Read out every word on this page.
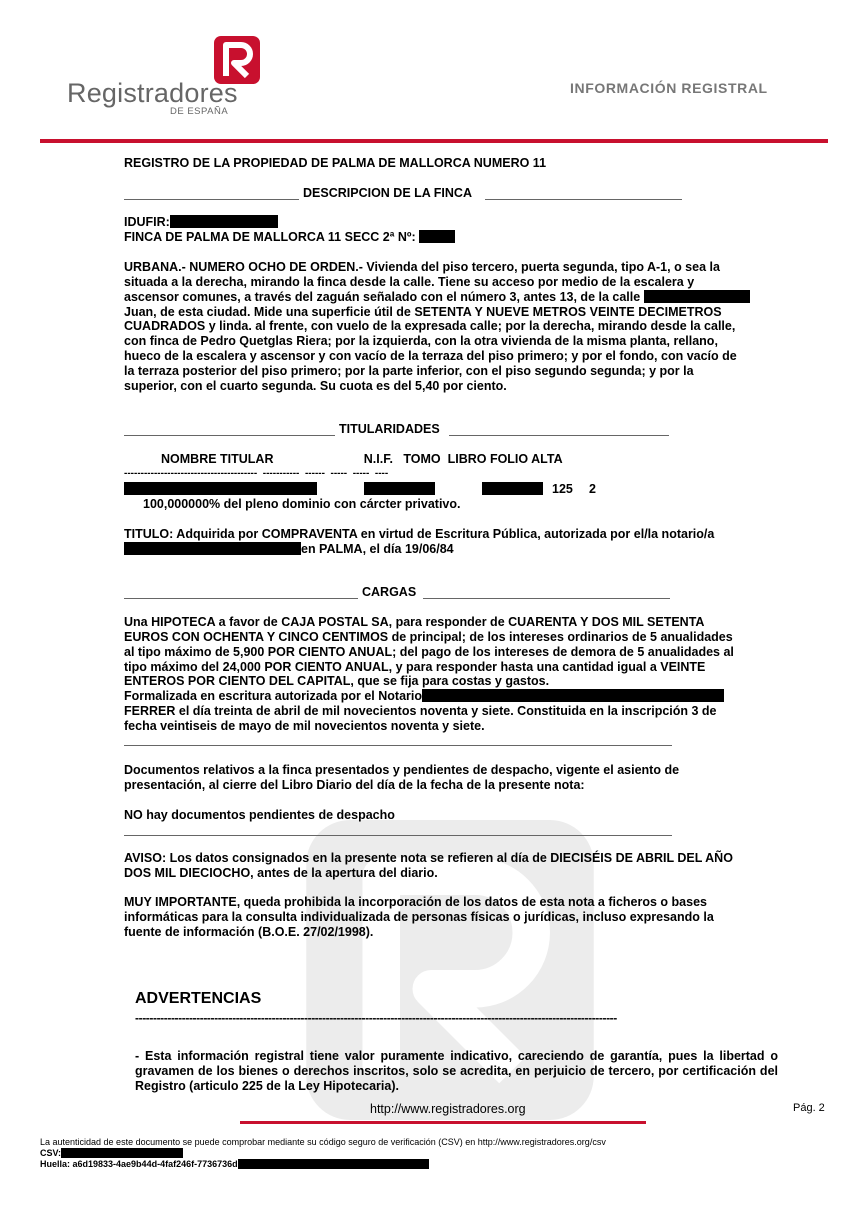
Registradores
DE ESPAÑA
INFORMACIÓN REGISTRAL
REGISTRO DE LA PROPIEDAD DE PALMA DE MALLORCA NUMERO 11
DESCRIPCION DE LA FINCA
IDUFIR:
FINCA DE PALMA DE MALLORCA 11 SECC 2ª Nº:
URBANA.- NUMERO OCHO DE ORDEN.- Vivienda del piso tercero, puerta segunda, tipo A-1, o sea la
situada a la derecha, mirando la finca desde la calle. Tiene su acceso por medio de la escalera y
ascensor comunes, a través del zaguán señalado con el número 3, antes 13, de la calle
Juan, de esta ciudad. Mide una superficie útil de SETENTA Y NUEVE METROS VEINTE DECIMETROS
CUADRADOS y linda. al frente, con vuelo de la expresada calle; por la derecha, mirando desde la calle,
con finca de Pedro Quetglas Riera; por la izquierda, con la otra vivienda de la misma planta, rellano,
hueco de la escalera y ascensor y con vacío de la terraza del piso primero; y por el fondo, con vacío de
la terraza posterior del piso primero; por la parte inferior, con el piso segundo segunda; y por la
superior, con el cuarto segunda. Su cuota es del 5,40 por ciento.
TITULARIDADES
NOMBRE TITULAR                          N.I.F.   TOMO  LIBRO FOLIO ALTA
----------------------------------------  -----------  ------  -----  -----  ----
125 2
100,000000% del pleno dominio con cárcter privativo.
TITULO: Adquirida por COMPRAVENTA en virtud de Escritura Pública, autorizada por el/la notario/a
en PALMA, el día 19/06/84
CARGAS
Una HIPOTECA a favor de CAJA POSTAL SA, para responder de CUARENTA Y DOS MIL SETENTA
EUROS CON OCHENTA Y CINCO CENTIMOS de principal; de los intereses ordinarios de 5 anualidades
al tipo máximo de 5,900 POR CIENTO ANUAL; del pago de los intereses de demora de 5 anualidades al
tipo máximo del 24,000 POR CIENTO ANUAL, y para responder hasta una cantidad igual a VEINTE
ENTEROS POR CIENTO DEL CAPITAL, que se fija para costas y gastos.
Formalizada en escritura autorizada por el Notario
FERRER el día treinta de abril de mil novecientos noventa y siete. Constituida en la inscripción 3 de
fecha veintiseis de mayo de mil novecientos noventa y siete.
Documentos relativos a la finca presentados y pendientes de despacho, vigente el asiento de
presentación, al cierre del Libro Diario del día de la fecha de la presente nota:
NO hay documentos pendientes de despacho
AVISO: Los datos consignados en la presente nota se refieren al día de DIECISÉIS DE ABRIL DEL AÑO
DOS MIL DIECIOCHO, antes de la apertura del diario.
MUY IMPORTANTE, queda prohibida la incorporación de los datos de esta nota a ficheros o bases
informáticas para la consulta individualizada de personas físicas o jurídicas, incluso expresando la
fuente de información (B.O.E. 27/02/1998).
ADVERTENCIAS
--------------------------------------------------------------------------------------------------------------------------------------
- Esta información registral tiene valor puramente indicativo, careciendo de garantía, pues la libertad o gravamen de los bienes o derechos inscritos, solo se acredita, en perjuicio de tercero, por certificación del Registro (articulo 225 de la Ley Hipotecaria).
http://www.registradores.org	Pág. 2
La autenticidad de este documento se puede comprobar mediante su código seguro de verificación (CSV) en http://www.registradores.org/csv
CSV:
Huella: a6d19833-4ae9b44d-4faf246f-7736736d
